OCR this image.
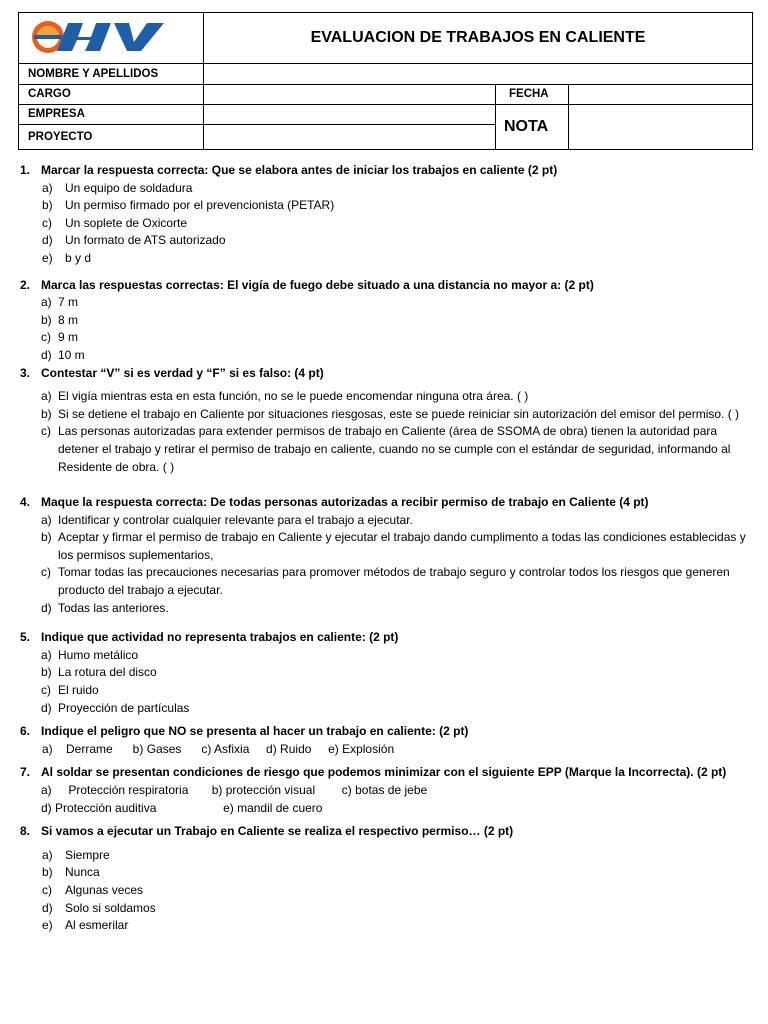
HV	EVALUACION DE TRABAJOS EN CALIENTE		
NOMBRE Y APELLIDOS			
CARGO		FECHA	
EMPRESA		NOTA	
PROYECTO			
1. Marcar la respuesta correcta: Que se elabora antes de iniciar los trabajos en caliente (2 pt)
a) Un equipo de soldadura
b) Un permiso firmado por el prevencionista (PETAR)
c) Un soplete de Oxicorte
d) Un formato de ATS autorizado
e) b y d
2. Marca las respuestas correctas: El vigía de fuego debe situado a una distancia no mayor a: (2 pt)
a) 7 m
b) 8 m
c) 9 m
d) 10 m
3. Contestar “V” si es verdad y “F” si es falso: (4 pt)
a) El vigía mientras esta en esta función, no se le puede encomendar ninguna otra área. ( )
b) Si se detiene el trabajo en Caliente por situaciones riesgosas, este se puede reiniciar sin autorización del emisor del permiso. ( )
c) Las personas autorizadas para extender permisos de trabajo en Caliente (área de SSOMA de obra) tienen la autoridad para detener el trabajo y retirar el permiso de trabajo en caliente, cuando no se cumple con el estándar de seguridad, informando al Residente de obra. ( )
4. Maque la respuesta correcta: De todas personas autorizadas a recibir permiso de trabajo en Caliente (4 pt)
a) Identificar y controlar cualquier relevante para el trabajo a ejecutar.
b) Aceptar y firmar el permiso de trabajo en Caliente y ejecutar el trabajo dando cumplimento a todas las condiciones establecidas y los permisos suplementarios,
c) Tomar todas las precauciones necesarias para promover métodos de trabajo seguro y controlar todos los riesgos que generen producto del trabajo a ejecutar.
d) Todas las anteriores.
5. Indique que actividad no representa trabajos en caliente: (2 pt)
a) Humo metálico
b) La rotura del disco
c) El ruido
d) Proyección de partículas
6. Indique el peligro que NO se presenta al hacer un trabajo en caliente: (2 pt)
a)    Derrame      b) Gases      c) Asfixia     d) Ruido     e) Explosión
7. Al soldar se presentan condiciones de riesgo que podemos minimizar con el siguiente EPP (Marque la Incorrecta). (2 pt)
a)     Protección respiratoria       b) protección visual        c) botas de jebe
d) Protección auditiva                    e) mandil de cuero
8. Si vamos a ejecutar un Trabajo en Caliente se realiza el respectivo permiso… (2 pt)
a) Siempre
b) Nunca
c) Algunas veces
d) Solo si soldamos
e) Al esmerilar
